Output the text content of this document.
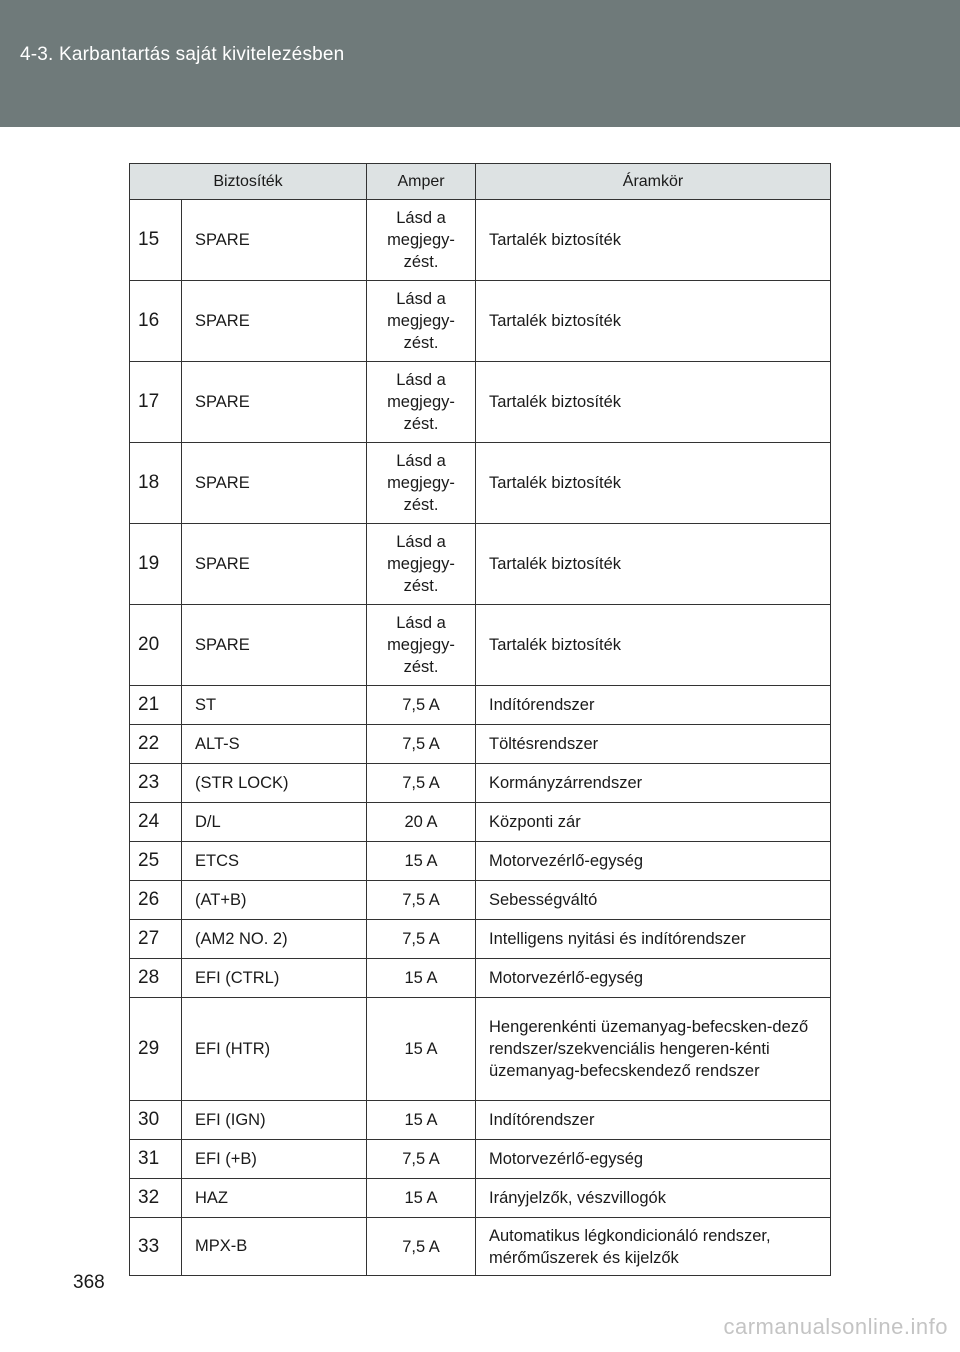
4-3. Karbantartás saját kivitelezésben
Biztosíték		Amper	Áramkör
15	SPARE	Lásd a megjegy-zést.	Tartalék biztosíték
16	SPARE	Lásd a megjegy-zést.	Tartalék biztosíték
17	SPARE	Lásd a megjegy-zést.	Tartalék biztosíték
18	SPARE	Lásd a megjegy-zést.	Tartalék biztosíték
19	SPARE	Lásd a megjegy-zést.	Tartalék biztosíték
20	SPARE	Lásd a megjegy-zést.	Tartalék biztosíték
21	ST	7,5 A	Indítórendszer
22	ALT-S	7,5 A	Töltésrendszer
23	(STR LOCK)	7,5 A	Kormányzárrendszer
24	D/L	20 A	Központi zár
25	ETCS	15 A	Motorvezérlő-egység
26	(AT+B)	7,5 A	Sebességváltó
27	(AM2 NO. 2)	7,5 A	Intelligens nyitási és indítórendszer
28	EFI (CTRL)	15 A	Motorvezérlő-egység
29	EFI (HTR)	15 A	Hengerenkénti üzemanyag-befecsken-dező rendszer/szekvenciális hengeren-kénti üzemanyag-befecskendező rendszer
30	EFI (IGN)	15 A	Indítórendszer
31	EFI (+B)	7,5 A	Motorvezérlő-egység
32	HAZ	15 A	Irányjelzők, vészvillogók
33	MPX-B	7,5 A	Automatikus légkondicionáló rendszer, mérőműszerek és kijelzők
368
carmanualsonline.info
